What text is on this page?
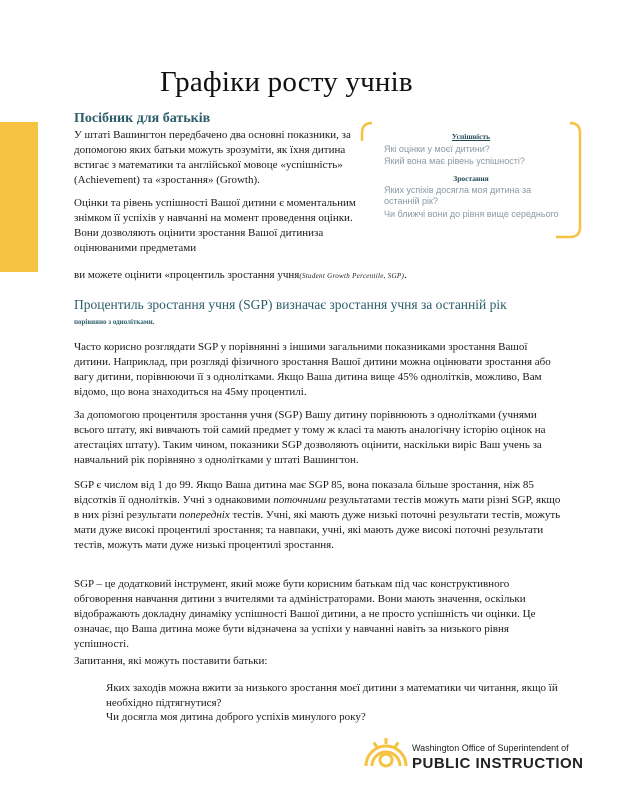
Графіки росту учнів
Посібник для батьків
У штаті Вашингтон передбачено два основні показники, за допомогою яких батьки можуть зрозуміти, як їхня дитина встигає з математики та англійської мовоце «успішність» (Achievement) та «зростання» (Growth).
Оцінки та рівень успішності Вашої дитини є моментальним знімком її успіхів у навчанні на момент проведення оцінки. Вони дозволяють оцінити зростання Вашої дитиниза оцінюваними предметами
ви можете оцінити «процентиль зростання учня(Student Growth Percentile, SGP).
Успішність
Які оцінки у моєї дитини?
Який вона має рівень успішності?
Зростання
Яких успіхів досягла моя дитина за
останній рік?
Чи ближчі вони до рівня вище середнього
Процентиль зростання учня (SGP) визначає зростання учня за останній рік
порівняно з однолітками.
Часто корисно розглядати SGP у порівнянні з іншими загальними показниками зростання Вашої дитини. Наприклад, при розгляді фізичного зростання Вашої дитини можна оцінювати зростання або вагу дитини, порівнюючи її з однолітками. Якщо Ваша дитина вище 45% однолітків, можливо, Вам відомо, що вона знаходиться на 45му процентилі.
За допомогою процентиля зростання учня (SGP) Вашу дитину порівнюють з однолітками (учнями всього штату, які вивчають той самий предмет у тому ж класі та мають аналогічну історію оцінок на атестаціях штату). Таким чином, показники SGP дозволяють оцінити, наскільки виріс Ваш учень за навчальний рік порівняно з однолітками у штаті Вашингтон.
SGP є числом від 1 до 99. Якщо Ваша дитина має SGP 85, вона показала більше зростання, ніж 85 відсотків її однолітків. Учні з однаковими поточними результатами тестів можуть мати різні SGP, якщо в них різні результати попередніх тестів. Учні, які мають дуже низькі поточні результати тестів, можуть мати дуже високі процентилі зростання; та навпаки, учні, які мають дуже високі поточні результати тестів, можуть мати дуже низькі процентилі зростання.
SGP – це додатковий інструмент, який може бути корисним батькам під час конструктивного обговорення навчання дитини з вчителями та адміністраторами. Вони мають значення, оскільки відображають докладну динаміку успішності Вашої дитини, а не просто успішність чи оцінки. Це означає, що Ваша дитина може бути відзначена за успіхи у навчанні навіть за низького рівня успішності.
Запитання, які можуть поставити батьки:
Яких заходів можна вжити за низького зростання моєї дитини з математики чи читання, якщо їй необхідно підтягнутися?
Чи досягла моя дитина доброго успіхів минулого року?
Washington Office of Superintendent of
PUBLIC INSTRUCTION
